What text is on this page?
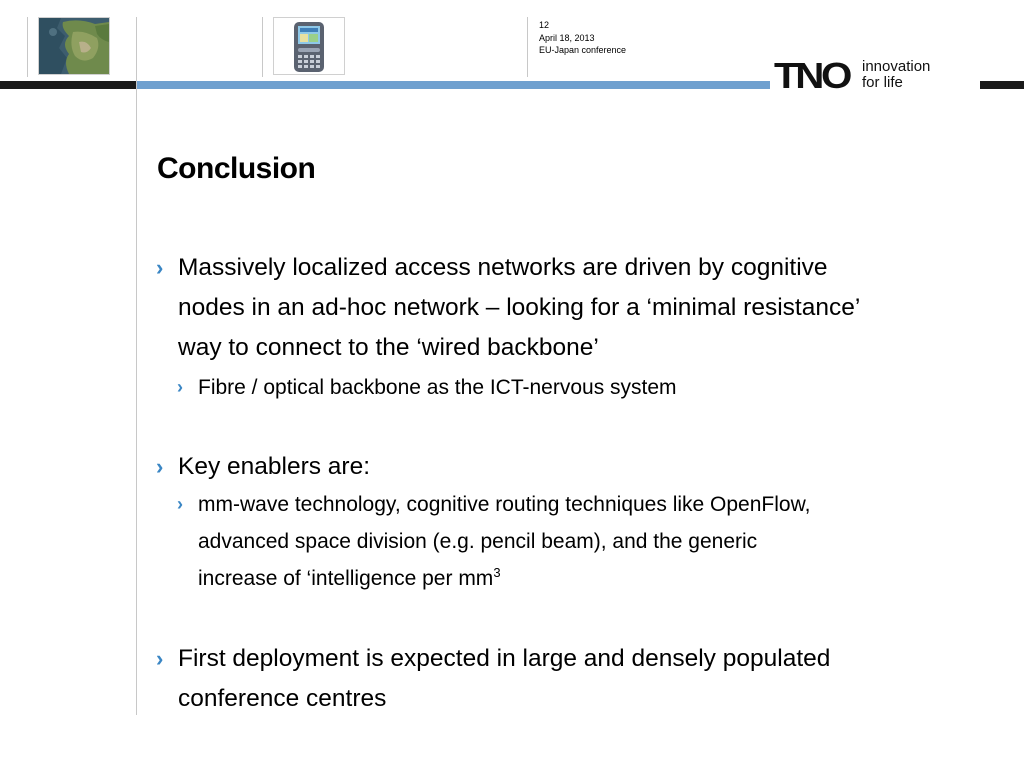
12
April 18, 2013
EU-Japan conference
TNO innovation
for life
Conclusion
› Massively localized access networks are driven by cognitive
nodes in an ad-hoc network – looking for a ‘minimal resistance’
way to connect to the ‘wired backbone’
› Fibre / optical backbone as the ICT-nervous system
› Key enablers are:
› mm-wave technology, cognitive routing techniques like OpenFlow,
advanced space division (e.g. pencil beam), and the generic
increase of ‘intelligence per $mm^3$
› First deployment is expected in large and densely populated
conference centres
